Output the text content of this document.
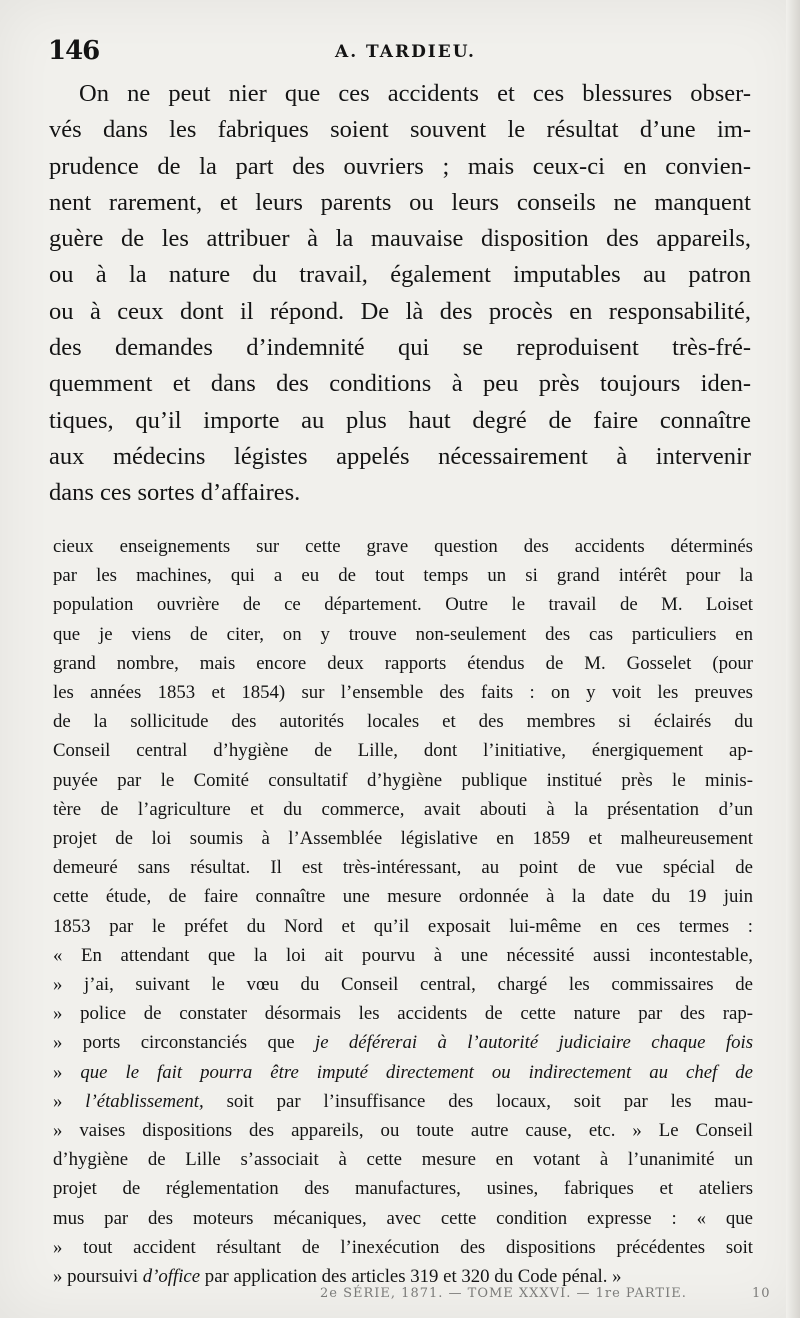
146	A. TARDIEU.
On ne peut nier que ces accidents et ces blessures obser-
vés dans les fabriques soient souvent le résultat d’une im-
prudence de la part des ouvriers ; mais ceux-ci en convien-
nent rarement, et leurs parents ou leurs conseils ne manquent
guère de les attribuer à la mauvaise disposition des appareils,
ou à la nature du travail, également imputables au patron
ou à ceux dont il répond. De là des procès en responsabilité,
des demandes d’indemnité qui se reproduisent très-fré-
quemment et dans des conditions à peu près toujours iden-
tiques, qu’il importe au plus haut degré de faire connaître
aux médecins légistes appelés nécessairement à intervenir
dans ces sortes d’affaires.
cieux enseignements sur cette grave question des accidents déterminés
par les machines, qui a eu de tout temps un si grand intérêt pour la
population ouvrière de ce département. Outre le travail de M. Loiset
que je viens de citer, on y trouve non-seulement des cas particuliers en
grand nombre, mais encore deux rapports étendus de M. Gosselet (pour
les années 1853 et 1854) sur l’ensemble des faits : on y voit les preuves
de la sollicitude des autorités locales et des membres si éclairés du
Conseil central d’hygiène de Lille, dont l’initiative, énergiquement ap-
puyée par le Comité consultatif d’hygiène publique institué près le minis-
tère de l’agriculture et du commerce, avait abouti à la présentation d’un
projet de loi soumis à l’Assemblée législative en 1859 et malheureusement
demeuré sans résultat. Il est très-intéressant, au point de vue spécial de
cette étude, de faire connaître une mesure ordonnée à la date du 19 juin
1853 par le préfet du Nord et qu’il exposait lui-même en ces termes :
« En attendant que la loi ait pourvu à une nécessité aussi incontestable,
» j’ai, suivant le vœu du Conseil central, chargé les commissaires de
» police de constater désormais les accidents de cette nature par des rap-
» ports circonstanciés que je déférerai à l’autorité judiciaire chaque fois
» que le fait pourra être imputé directement ou indirectement au chef de
» l’établissement, soit par l’insuffisance des locaux, soit par les mau-
» vaises dispositions des appareils, ou toute autre cause, etc. » Le Conseil
d’hygiène de Lille s’associait à cette mesure en votant à l’unanimité un
projet de réglementation des manufactures, usines, fabriques et ateliers
mus par des moteurs mécaniques, avec cette condition expresse : « que
» tout accident résultant de l’inexécution des dispositions précédentes soit
» poursuivi d’office par application des articles 319 et 320 du Code pénal. »
2e SÉRIE, 1871. — TOME XXXVI. — 1re PARTIE.	10
